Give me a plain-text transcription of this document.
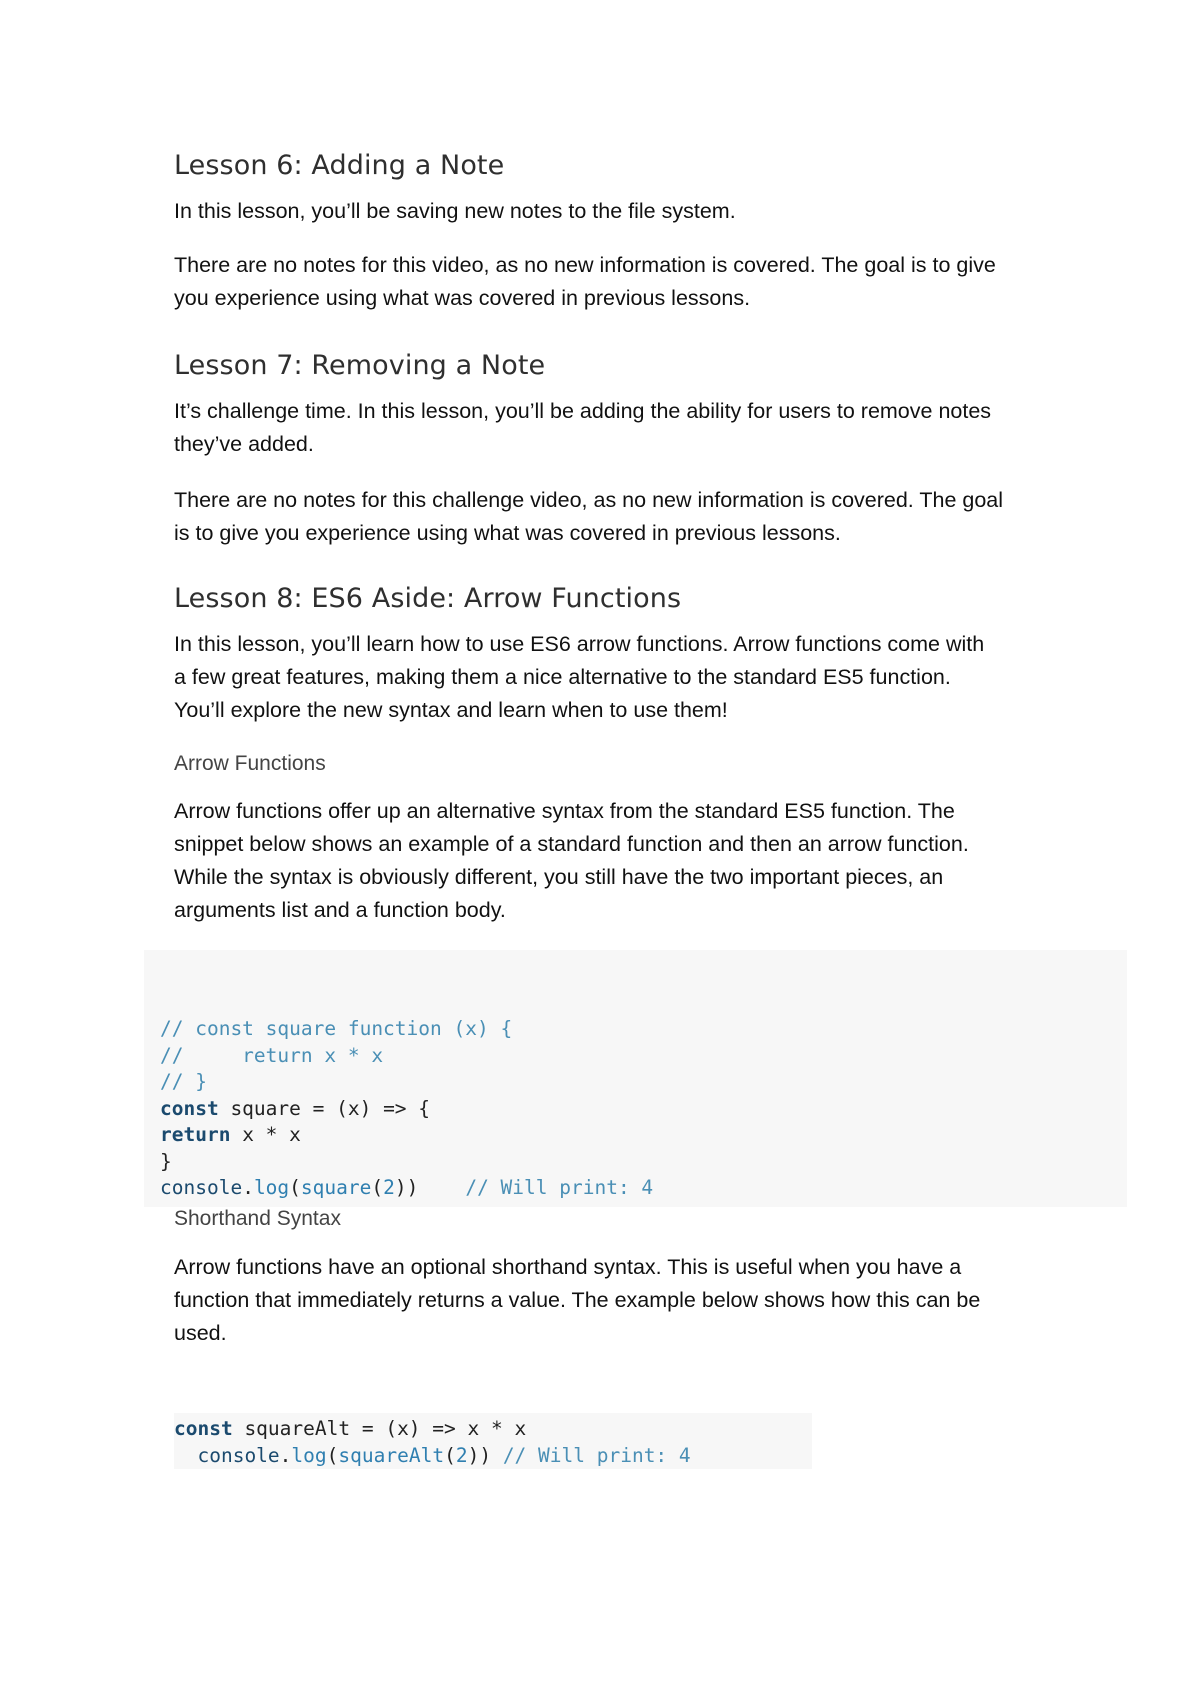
Lesson 6: Adding a Note

In this lesson, you’ll be saving new notes to the file system.

There are no notes for this video, as no new information is covered. The goal is to give
you experience using what was covered in previous lessons.

Lesson 7: Removing a Note

It’s challenge time. In this lesson, you’ll be adding the ability for users to remove notes
they’ve added.

There are no notes for this challenge video, as no new information is covered. The goal
is to give you experience using what was covered in previous lessons.

Lesson 8: ES6 Aside: Arrow Functions

In this lesson, you’ll learn how to use ES6 arrow functions. Arrow functions come with
a few great features, making them a nice alternative to the standard ES5 function.
You’ll explore the new syntax and learn when to use them!

Arrow Functions

Arrow functions offer up an alternative syntax from the standard ES5 function. The
snippet below shows an example of a standard function and then an arrow function.
While the syntax is obviously different, you still have the two important pieces, an
arguments list and a function body.

// const square function (x) {
//     return x * x
// }
const square = (x) => {
return x * x
}
console.log(square(2)) // Will print: 4

Shorthand Syntax

Arrow functions have an optional shorthand syntax. This is useful when you have a
function that immediately returns a value. The example below shows how this can be
used.

const squareAlt = (x) => x * x
console.log(squareAlt(2)) // Will print: 4
